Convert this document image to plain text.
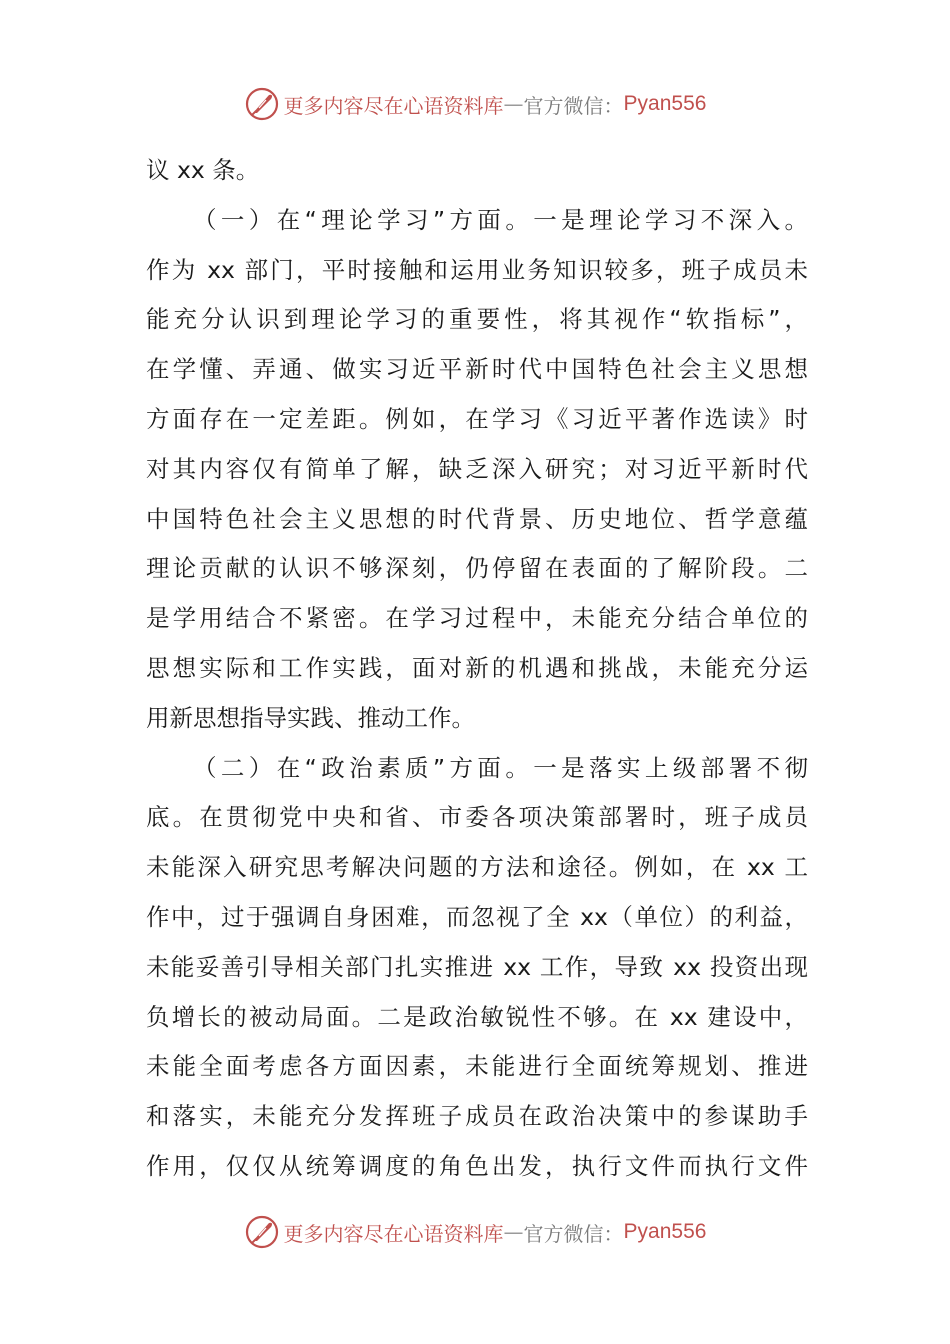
更多内容尽在心语资料库 — 官方微信： Pyan556
议 xx 条。
（一）在“理论学习”方面。一是理论学习不深入。
作为 xx 部门，平时接触和运用业务知识较多，班子成员未
能充分认识到理论学习的重要性，将其视作“软指标”，
在学懂、弄通、做实习近平新时代中国特色社会主义思想
方面存在一定差距。例如，在学习《习近平著作选读》时
对其内容仅有简单了解，缺乏深入研究；对习近平新时代
中国特色社会主义思想的时代背景、历史地位、哲学意蕴
理论贡献的认识不够深刻，仍停留在表面的了解阶段。二
是学用结合不紧密。在学习过程中，未能充分结合单位的
思想实际和工作实践，面对新的机遇和挑战，未能充分运
用新思想指导实践、推动工作。
（二）在“政治素质”方面。一是落实上级部署不彻
底。在贯彻党中央和省、市委各项决策部署时，班子成员
未能深入研究思考解决问题的方法和途径。例如，在 xx 工
作中，过于强调自身困难，而忽视了全 xx（单位）的利益，
未能妥善引导相关部门扎实推进 xx 工作，导致 xx 投资出现
负增长的被动局面。二是政治敏锐性不够。在 xx 建设中，
未能全面考虑各方面因素，未能进行全面统筹规划、推进
和落实，未能充分发挥班子成员在政治决策中的参谋助手
作用，仅仅从统筹调度的角色出发，执行文件而执行文件
更多内容尽在心语资料库 — 官方微信： Pyan556
